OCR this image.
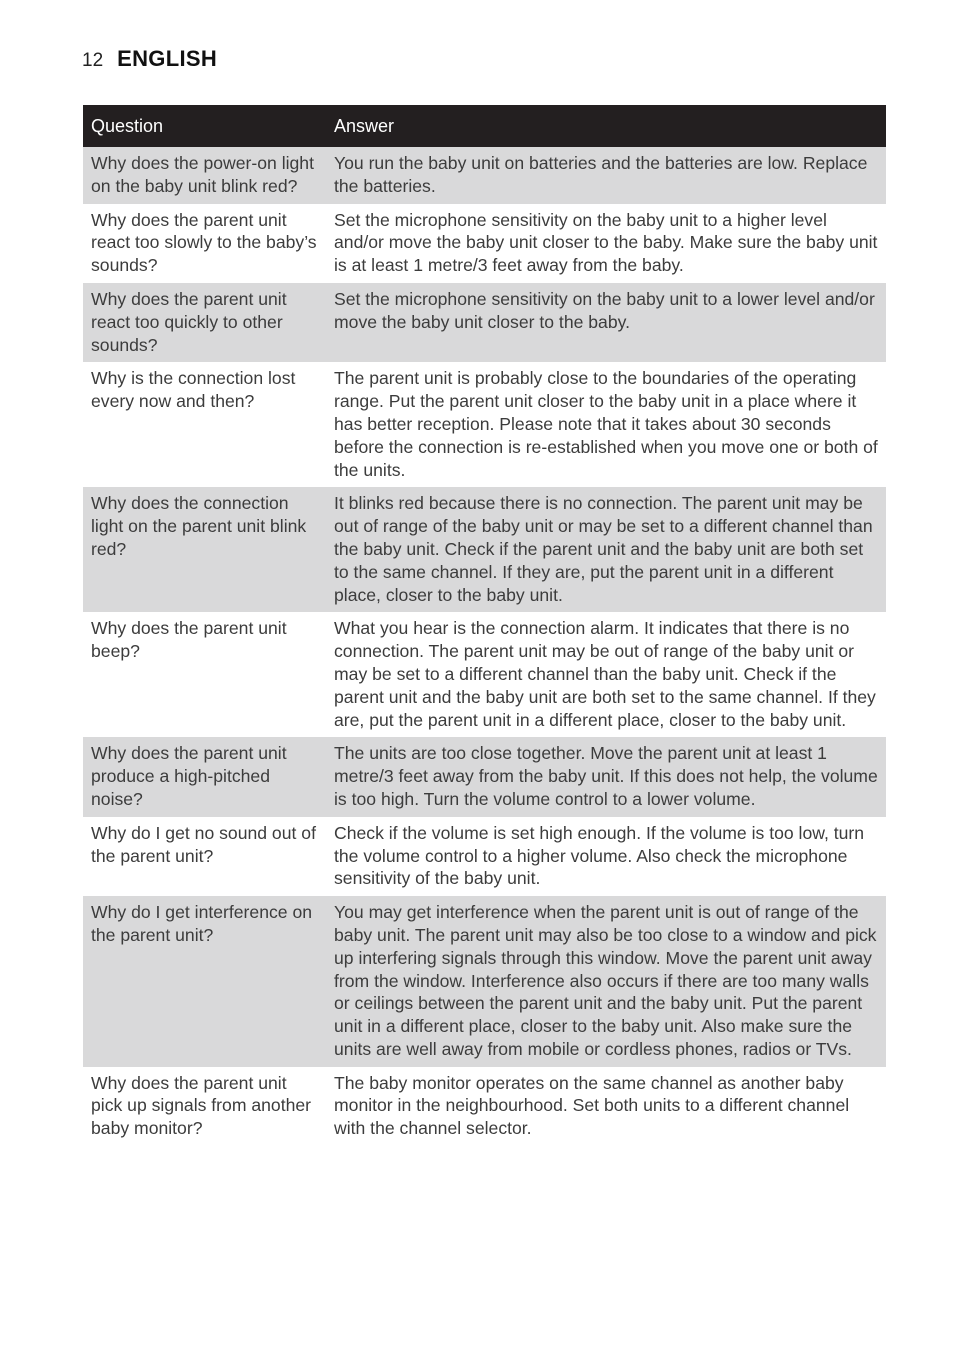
12 ENGLISH
Question	Answer
Why does the power-on light on the baby unit blink red?	You run the baby unit on batteries and the batteries are low. Replace the batteries.
Why does the parent unit react too slowly to the baby’s sounds?	Set the microphone sensitivity on the baby unit to a higher level and/or move the baby unit closer to the baby. Make sure the baby unit is at least 1 metre/3 feet away from the baby.
Why does the parent unit react too quickly to other sounds?	Set the microphone sensitivity on the baby unit to a lower level and/or move the baby unit closer to the baby.
Why is the connection lost every now and then?	The parent unit is probably close to the boundaries of the operating range. Put the parent unit closer to the baby unit in a place where it has better reception. Please note that it takes about 30 seconds before the connection is re-established when you move one or both of the units.
Why does the connection light on the parent unit blink red?	It blinks red because there is no connection. The parent unit may be out of range of the baby unit or may be set to a different channel than the baby unit. Check if the parent unit and the baby unit are both set to the same channel. If they are, put the parent unit in a different place, closer to the baby unit.
Why does the parent unit beep?	What you hear is the connection alarm. It indicates that there is no connection. The parent unit may be out of range of the baby unit or may be set to a different channel than the baby unit. Check if the parent unit and the baby unit are both set to the same channel. If they are, put the parent unit in a different place, closer to the baby unit.
Why does the parent unit produce a high-pitched noise?	The units are too close together. Move the parent unit at least 1 metre/3 feet away from the baby unit. If this does not help, the volume is too high. Turn the volume control to a lower volume.
Why do I get no sound out of the parent unit?	Check if the volume is set high enough. If the volume is too low, turn the volume control to a higher volume. Also check the microphone sensitivity of the baby unit.
Why do I get interference on the parent unit?	You may get interference when the parent unit is out of range of the baby unit. The parent unit may also be too close to a window and pick up interfering signals through this window. Move the parent unit away from the window. Interference also occurs if there are too many walls or ceilings between the parent unit and the baby unit. Put the parent unit in a different place, closer to the baby unit. Also make sure the units are well away from mobile or cordless phones, radios or TVs.
Why does the parent unit pick up signals from another baby monitor?	The baby monitor operates on the same channel as another baby monitor in the neighbourhood. Set both units to a different channel with the channel selector.
